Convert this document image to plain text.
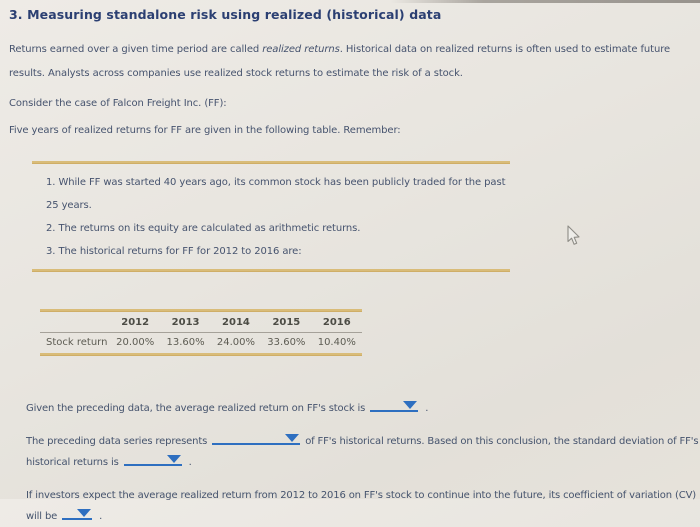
3. Measuring standalone risk using realized (historical) data

Returns earned over a given time period are called realized returns. Historical data on realized returns is often used to estimate future results. Analysts across companies use realized stock returns to estimate the risk of a stock.

Consider the case of Falcon Freight Inc. (FF):

Five years of realized returns for FF are given in the following table. Remember:

While FF was started 40 years ago, its common stock has been publicly traded for the past 25 years.
The returns on its equity are calculated as arithmetic returns.
The historical returns for FF for 2012 to 2016 are:
	2012	2013	2014	2015	2016
Stock return	20.00%	13.60%	24.00%	33.60%	10.40%

Given the preceding data, the average realized return on FF's stock is	.

The preceding data series represents	of FF's historical returns. Based on this conclusion, the standard deviation of FF's historical returns is	.

If investors expect the average realized return from 2012 to 2016 on FF's stock to continue into the future, its coefficient of variation (CV) will be	.
